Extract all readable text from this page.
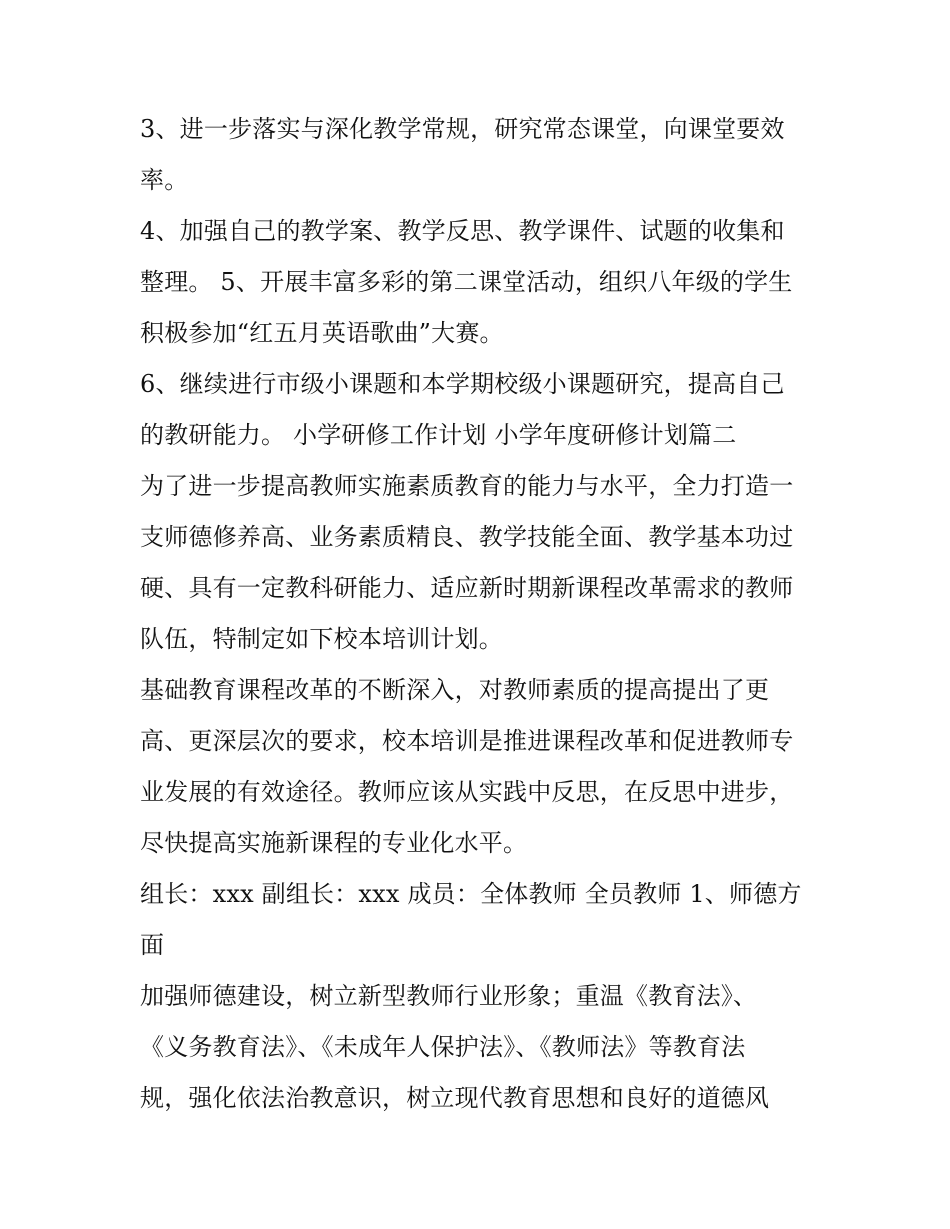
3、进一步落实与深化教学常规，研究常态课堂，向课堂要效
率。
4、加强自己的教学案、教学反思、教学课件、试题的收集和
整理。 5、开展丰富多彩的第二课堂活动，组织八年级的学生
积极参加“红五月英语歌曲”大赛。
6、继续进行市级小课题和本学期校级小课题研究，提高自己
的教研能力。 小学研修工作计划 小学年度研修计划篇二
为了进一步提高教师实施素质教育的能力与水平，全力打造一
支师德修养高、业务素质精良、教学技能全面、教学基本功过
硬、具有一定教科研能力、适应新时期新课程改革需求的教师
队伍，特制定如下校本培训计划。
基础教育课程改革的不断深入，对教师素质的提高提出了更
高、更深层次的要求，校本培训是推进课程改革和促进教师专
业发展的有效途径。教师应该从实践中反思，在反思中进步，
尽快提高实施新课程的专业化水平。
组长：xxx 副组长：xxx 成员：全体教师 全员教师 1、师德方
面
加强师德建设，树立新型教师行业形象；重温《教育法》、
《义务教育法》、《未成年人保护法》、《教师法》等教育法
规，强化依法治教意识，树立现代教育思想和良好的道德风
